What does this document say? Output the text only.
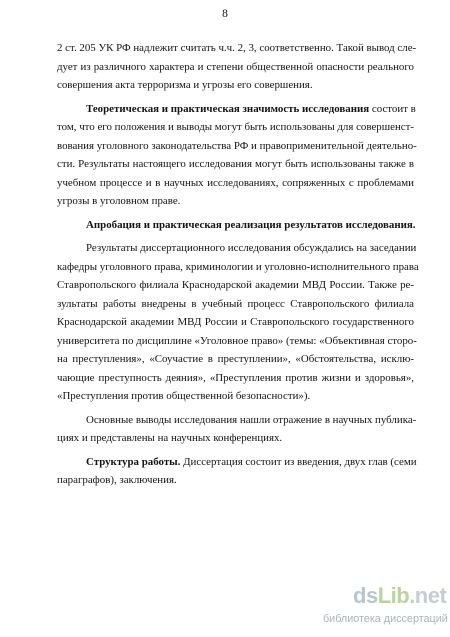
8

2 ст. 205 УК РФ надлежит считать ч.ч. 2, 3, соответственно. Такой вывод сле-
дует из различного характера и степени общественной опасности реального
совершения акта терроризма и угрозы его совершения.

Теоретическая и практическая значимость исследования состоит в
том, что его положения и выводы могут быть использованы для совершенст-
вования уголовного законодательства РФ и правоприменительной деятельно-
сти. Результаты настоящего исследования могут быть использованы также в
учебном процессе и в научных исследованиях, сопряженных с проблемами
угрозы в уголовном праве.

Апробация и практическая реализация результатов исследования.

Результаты диссертационного исследования обсуждались на заседании
кафедры уголовного права, криминологии и уголовно-исполнительного права
Ставропольского филиала Краснодарской академии МВД России. Также ре-
зультаты работы внедрены в учебный процесс Ставропольского филиала
Краснодарской академии МВД России и Ставропольского государственного
университета по дисциплине «Уголовное право» (темы: «Объективная сторо-
на преступления», «Соучастие в преступлении», «Обстоятельства, исклю-
чающие преступность деяния», «Преступления против жизни и здоровья»,
«Преступления против общественной безопасности»).

Основные выводы исследования нашли отражение в научных публика-
циях и представлены на научных конференциях.

Структура работы. Диссертация состоит из введения, двух глав (семи
параграфов), заключения.

dsLib.net
библиотека диссертаций
